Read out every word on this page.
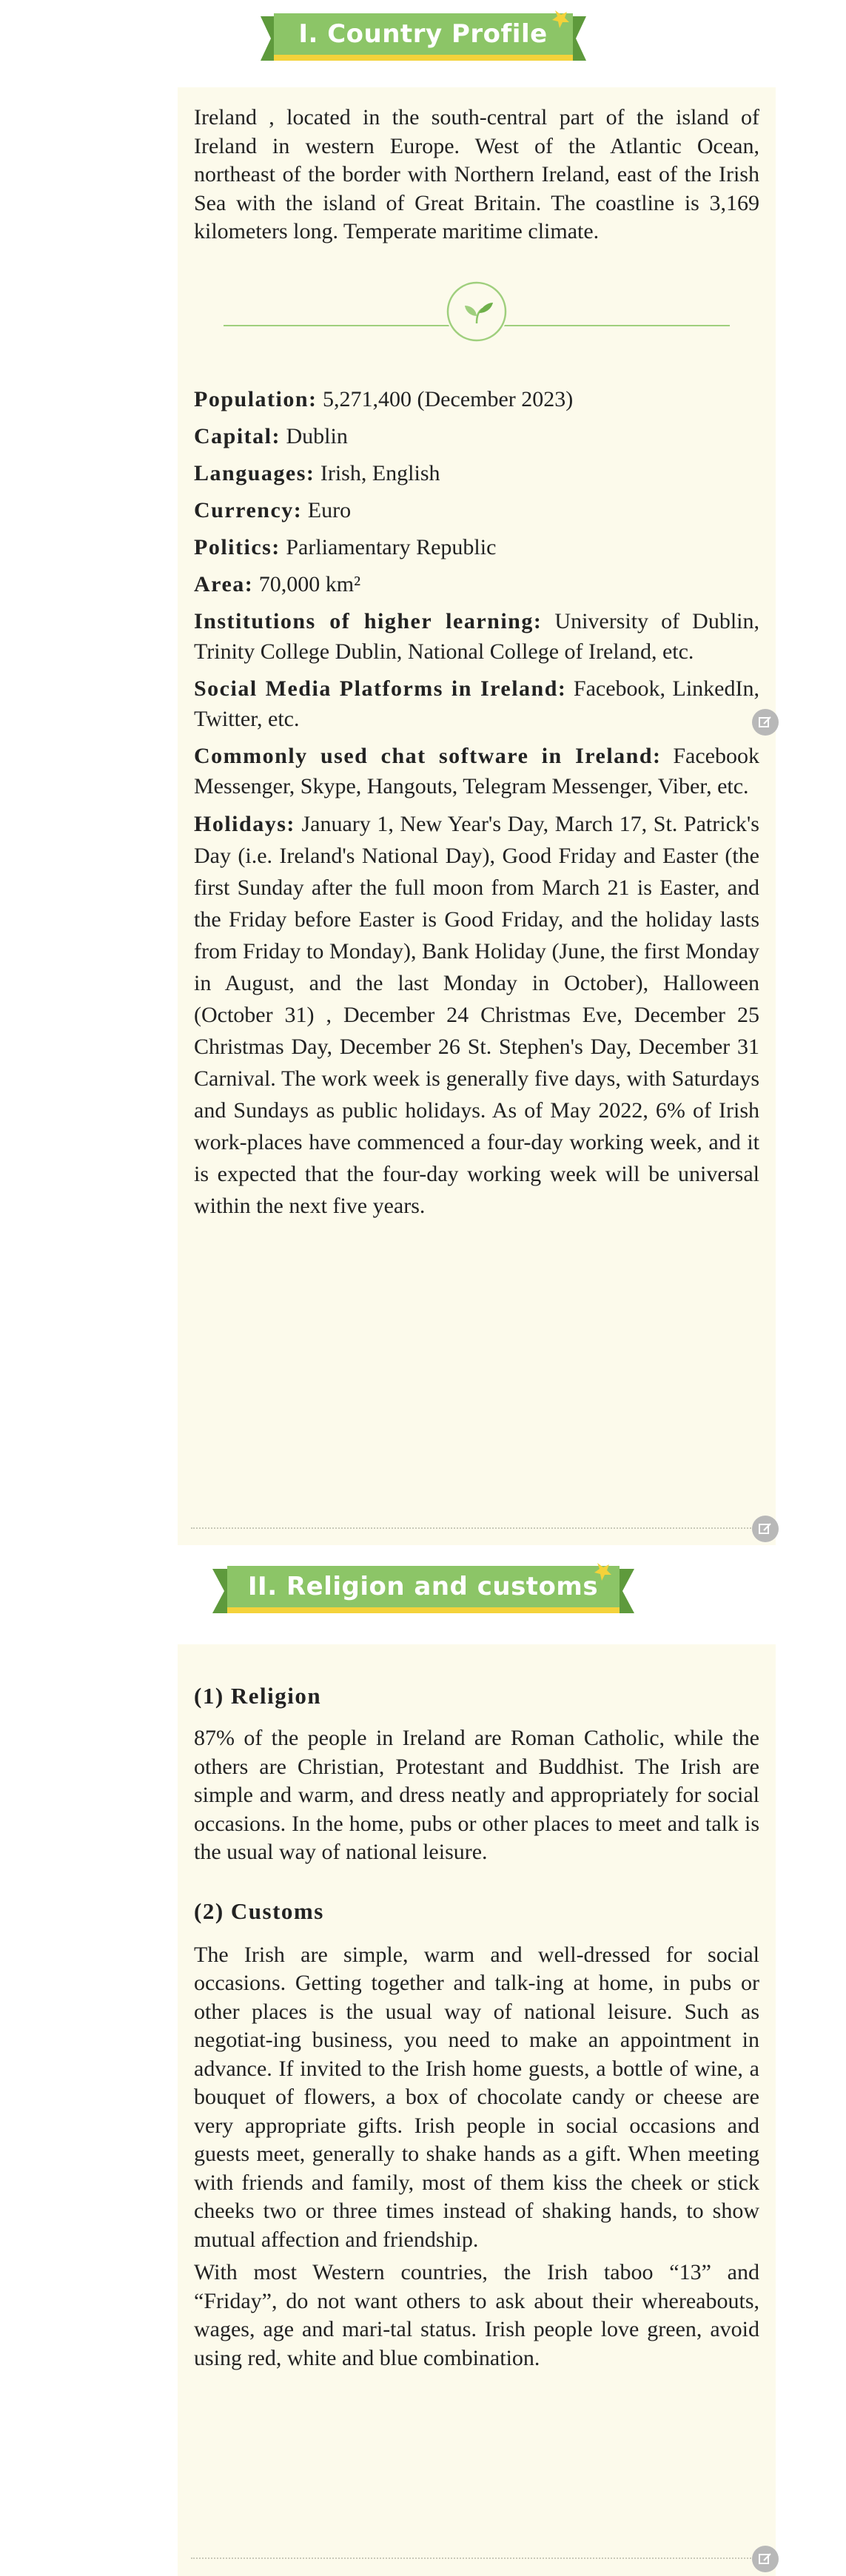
I. Country Profile

Ireland , located in the south-central part of the island of Ireland in western Europe. West of the Atlantic Ocean, northeast of the border with Northern Ireland, east of the Irish Sea with the island of Great Britain. The coastline is 3,169 kilometers long. Temperate maritime climate.

Population: 5,271,400 (December 2023)

Capital: Dublin

Languages: Irish, English

Currency: Euro

Politics: Parliamentary Republic

Area: 70,000 km²

Institutions of higher learning: University of Dublin, Trinity College Dublin, National College of Ireland, etc.

Social Media Platforms in Ireland: Facebook, LinkedIn, Twitter, etc.

Commonly used chat software in Ireland: Facebook Messenger, Skype, Hangouts, Telegram Messenger, Viber, etc.

Holidays: January 1, New Year's Day, March 17, St. Patrick's Day (i.e. Ireland's National Day), Good Friday and Easter (the first Sunday after the full moon from March 21 is Easter, and the Friday before Easter is Good Friday, and the holiday lasts from Friday to Monday), Bank Holiday (June, the first Monday in August, and the last Monday in October), Halloween (October 31) , December 24 Christmas Eve, December 25 Christmas Day, December 26 St. Stephen's Day, December 31 Carnival. The work week is generally five days, with Saturdays and Sundays as public holidays. As of May 2022, 6% of Irish work-places have commenced a four-day working week, and it is expected that the four-day working week will be universal within the next five years.

II. Religion and customs

(1) Religion

87% of the people in Ireland are Roman Catholic, while the others are Christian, Protestant and Buddhist. The Irish are simple and warm, and dress neatly and appropriately for social occasions. In the home, pubs or other places to meet and talk is the usual way of national leisure.

(2) Customs

The Irish are simple, warm and well-dressed for social occasions. Getting together and talk-ing at home, in pubs or other places is the usual way of national leisure. Such as negotiat-ing business, you need to make an appointment in advance. If invited to the Irish home guests, a bottle of wine, a bouquet of flowers, a box of chocolate candy or cheese are very appropriate gifts. Irish people in social occasions and guests meet, generally to shake hands as a gift. When meeting with friends and family, most of them kiss the cheek or stick cheeks two or three times instead of shaking hands, to show mutual affection and friendship.

With most Western countries, the Irish taboo “13” and “Friday”, do not want others to ask about their whereabouts, wages, age and mari-tal status. Irish people love green, avoid using red, white and blue combination.
